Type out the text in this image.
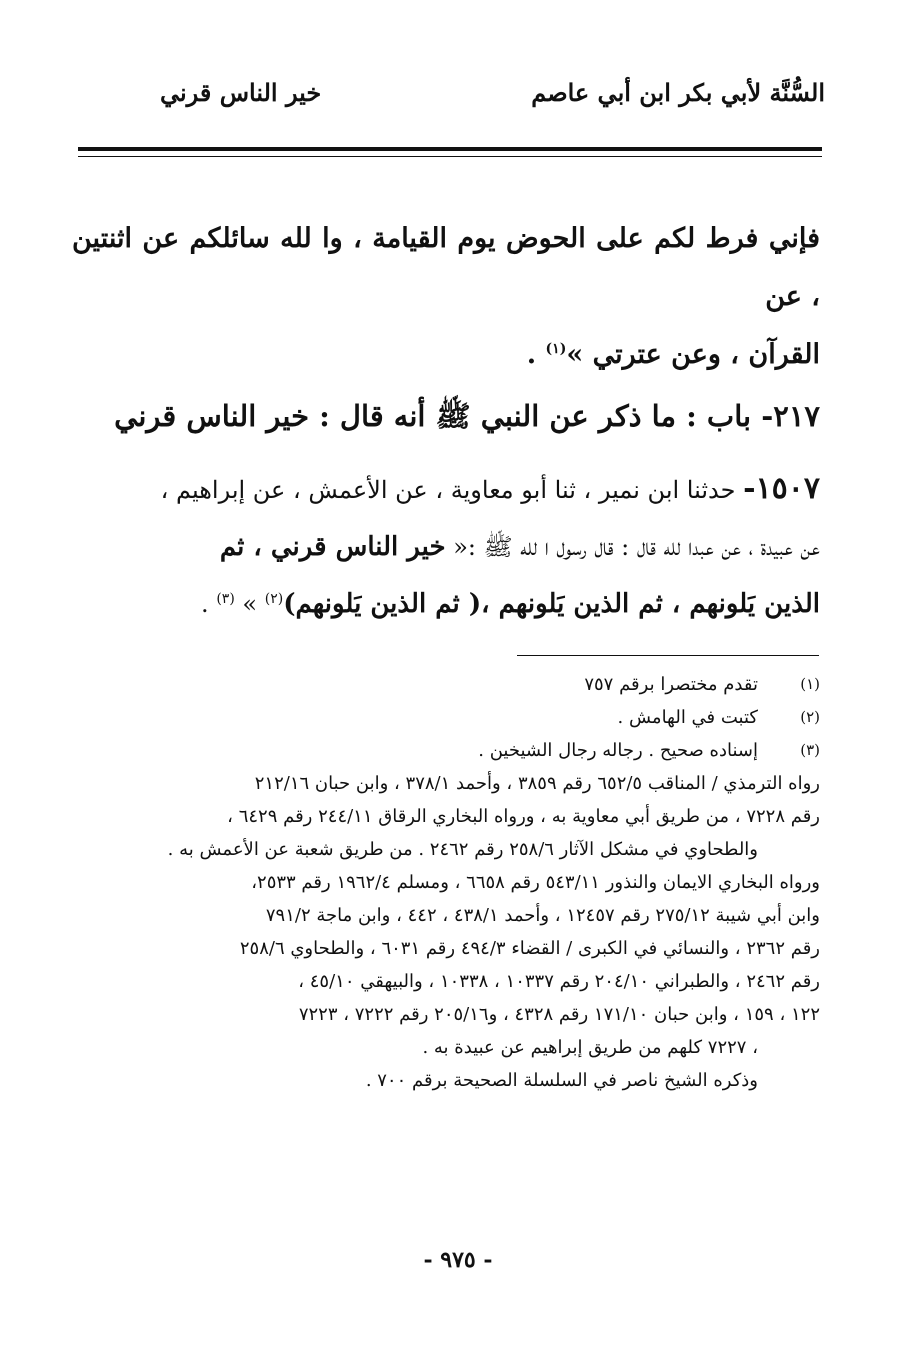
السُّنَّة لأبي بكر ابن أبي عاصم
خير الناس قرني
فإني فرط لكم على الحوض يوم القيامة ، وا لله سائلكم عن اثنتين ، عن
القرآن ، وعن عترتي »$^{(١)}$ .
٢١٧- باب : ما ذكر عن النبي ﷺ أنه قال : خير الناس قرني
١٥٠٧- حدثنا ابن نمير ، ثنا أبو معاوية ، عن الأعمش ، عن إبراهيم ،
عن عبيدة ، عن عبدا لله قال : قال رسول ا لله ﷺ :« خير الناس قرني ، ثم
الذين يَلونهم ، ثم الذين يَلونهم ،( ثم الذين يَلونهم)$^{(٢)}$ » $^{(٣)}$ .
(١)
تقدم مختصرا برقم ٧٥٧
(٢)
كتبت في الهامش .
(٣)
إسناده صحيح . رجاله رجال الشيخين .
رواه الترمذي / المناقب ٦٥٢/٥ رقم ٣٨٥٩ ، وأحمد ٣٧٨/١ ، وابن حبان ٢١٢/١٦
رقم ٧٢٢٨ ، من طريق أبي معاوية به ، ورواه البخاري الرقاق ٢٤٤/١١ رقم ٦٤٢٩ ،
والطحاوي في مشكل الآثار ٢٥٨/٦ رقم ٢٤٦٢ . من طريق شعبة عن الأعمش به .
ورواه البخاري الايمان والنذور ٥٤٣/١١ رقم ٦٦٥٨ ، ومسلم ١٩٦٢/٤ رقم ٢٥٣٣،
وابن أبي شيبة ٢٧٥/١٢ رقم ١٢٤٥٧ ، وأحمد ٤٣٨/١ ، ٤٤٢ ، وابن ماجة ٧٩١/٢
رقم ٢٣٦٢ ، والنسائي في الكبرى / القضاء ٤٩٤/٣ رقم ٦٠٣١ ، والطحاوي ٢٥٨/٦
رقم ٢٤٦٢ ، والطبراني ٢٠٤/١٠ رقم ١٠٣٣٧ ، ١٠٣٣٨ ، والبيهقي ٤٥/١٠ ،
١٢٢ ، ١٥٩ ، وابن حبان ١٧١/١٠ رقم ٤٣٢٨ ، و٢٠٥/١٦ رقم ٧٢٢٢ ، ٧٢٢٣
، ٧٢٢٧ كلهم من طريق إبراهيم عن عبيدة به .
وذكره الشيخ ناصر في السلسلة الصحيحة برقم ٧٠٠ .
- ٩٧٥ -
